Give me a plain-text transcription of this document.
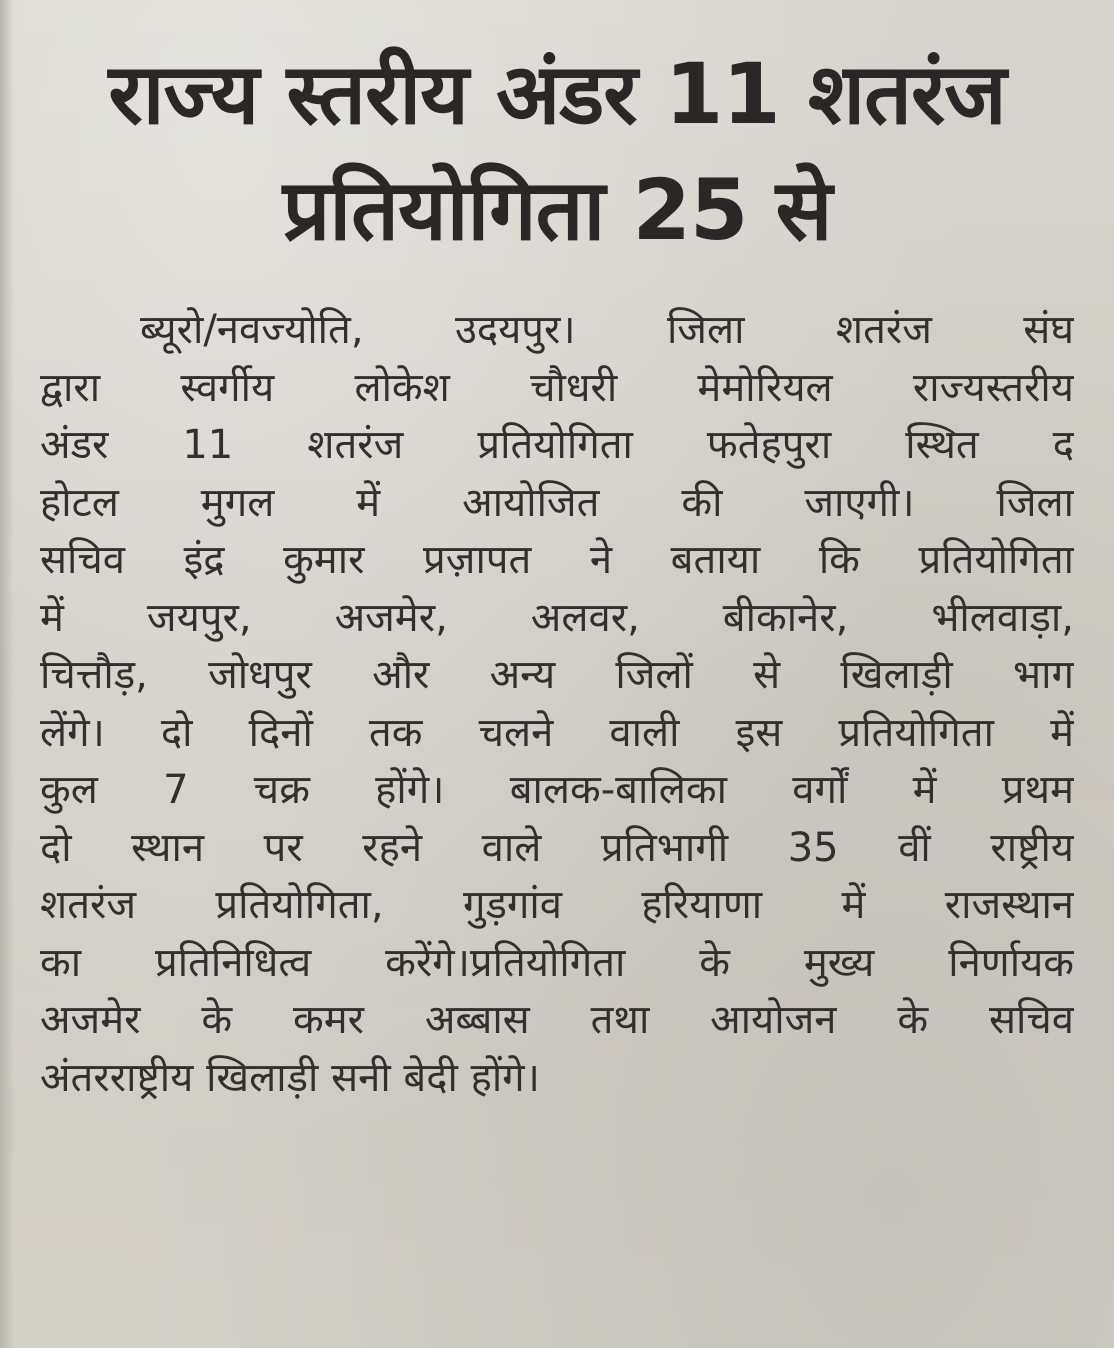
राज्य स्तरीय अंडर 11 शतरंज
प्रतियोगिता 25 से
ब्यूरो/नवज्योति, उदयपुर। जिला शतरंज संघ
द्वारा स्वर्गीय लोकेश चौधरी मेमोरियल राज्यस्तरीय
अंडर 11 शतरंज प्रतियोगिता फतेहपुरा स्थित द
होटल मुगल में आयोजित की जाएगी। जिला
सचिव इंद्र कुमार प्रज़ापत ने बताया कि प्रतियोगिता
में जयपुर, अजमेर, अलवर, बीकानेर, भीलवाड़ा,
चित्तौड़, जोधपुर और अन्य जिलों से खिलाड़ी भाग
लेंगे। दो दिनों तक चलने वाली इस प्रतियोगिता में
कुल 7 चक्र होंगे। बालक-बालिका वर्गों में प्रथम
दो स्थान पर रहने वाले प्रतिभागी 35 वीं राष्ट्रीय
शतरंज प्रतियोगिता, गुड़गांव हरियाणा में राजस्थान
का प्रतिनिधित्व करेंगे।प्रतियोगिता के मुख्य निर्णायक
अजमेर के कमर अब्बास तथा आयोजन के सचिव
अंतरराष्ट्रीय खिलाड़ी सनी बेदी होंगे।
